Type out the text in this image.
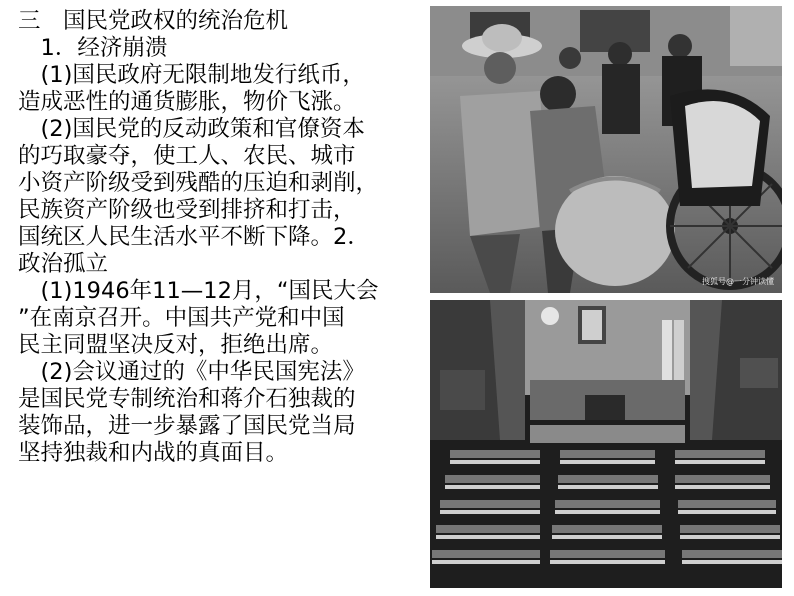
三　国民党政权的统治危机
　1．经济崩溃
　(1)国民政府无限制地发行纸币，
造成恶性的通货膨胀，物价飞涨。
　(2)国民党的反动政策和官僚资本
的巧取豪夺，使工人、农民、城市
小资产阶级受到残酷的压迫和剥削，
民族资产阶级也受到排挤和打击，
国统区人民生活水平不断下降。2．
政治孤立
　(1)1946年11—12月，“国民大会
”在南京召开。中国共产党和中国
民主同盟坚决反对，拒绝出席。
　(2)会议通过的《中华民国宪法》
是国民党专制统治和蒋介石独裁的
装饰品，进一步暴露了国民党当局
坚持独裁和内战的真面目。
搜狐号@一分钟读懂
